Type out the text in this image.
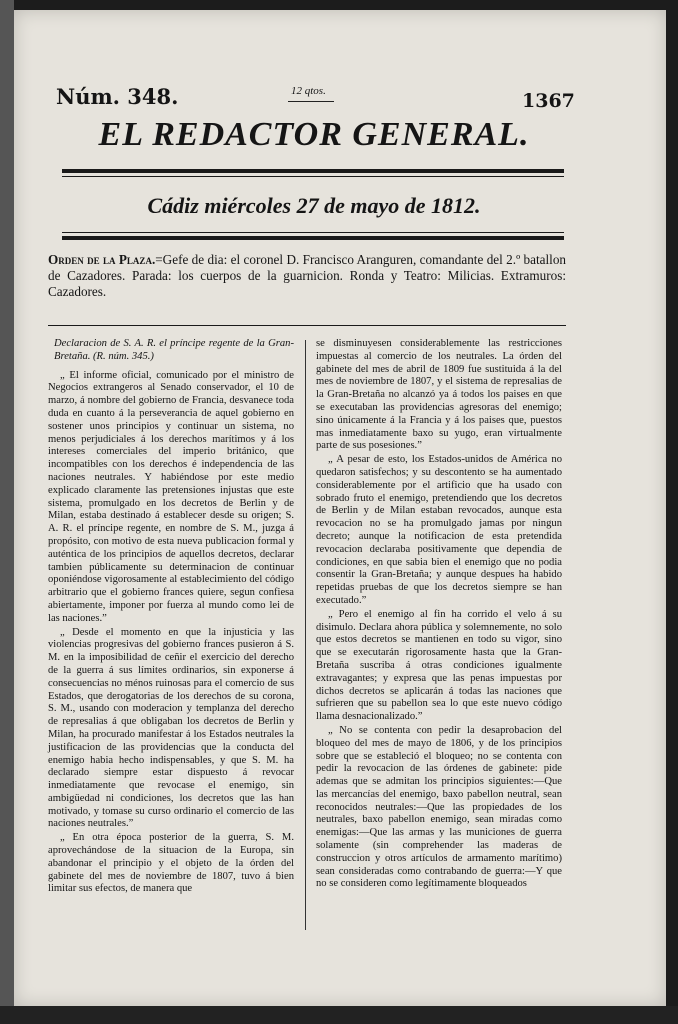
Núm. 348.	12 qtos.	1367
EL REDACTOR GENERAL.
Cádiz miércoles 27 de mayo de 1812.
Orden de la Plaza.=Gefe de dia: el coronel D. Francisco Aranguren, comandante del 2.º batallon de Cazadores. Parada: los cuerpos de la guarnicion. Ronda y Teatro: Milicias. Extramuros: Cazadores.

Declaracion de S. A. R. el príncipe regente de la Gran-Bretaña. (R. núm. 345.)

„ El informe oficial, comunicado por el ministro de Negocios extrangeros al Senado conservador, el 10 de marzo, á nombre del gobierno de Francia, desvanece toda duda en cuanto á la perseverancia de aquel gobierno en sostener unos principios y continuar un sistema, no menos perjudiciales á los derechos marítimos y á los intereses comerciales del imperio británico, que incompatibles con los derechos é independencia de las naciones neutrales. Y habiéndose por este medio explicado claramente las pretensiones injustas que este sistema, promulgado en los decretos de Berlin y de Milan, estaba destinado á establecer desde su origen; S. A. R. el príncipe regente, en nombre de S. M., juzga á propósito, con motivo de esta nueva publicacion formal y auténtica de los principios de aquellos decretos, declarar tambien públicamente su determinacion de continuar oponiéndose vigorosamente al establecimiento del código arbitrario que el gobierno frances quiere, segun confiesa abiertamente, imponer por fuerza al mundo como lei de las naciones.”

„ Desde el momento en que la injusticia y las violencias progresivas del gobierno frances pusieron á S. M. en la imposibilidad de ceñir el exercicio del derecho de la guerra á sus límites ordinarios, sin exponerse á consecuencias no ménos ruinosas para el comercio de sus Estados, que derogatorias de los derechos de su corona, S. M., usando con moderacion y templanza del derecho de represalias á que obligaban los decretos de Berlin y Milan, ha procurado manifestar á los Estados neutrales la justificacion de las providencias que la conducta del enemigo habia hecho indispensables, y que S. M. ha declarado siempre estar dispuesto á revocar inmediatamente que revocase el enemigo, sin ambigüedad ni condiciones, los decretos que las han motivado, y tomase su curso ordinario el comercio de las naciones neutrales.”

„ En otra época posterior de la guerra, S. M. aprovechándose de la situacion de la Europa, sin abandonar el principio y el objeto de la órden del gabinete del mes de noviembre de 1807, tuvo á bien limitar sus efectos, de manera que

se disminuyesen considerablemente las restricciones impuestas al comercio de los neutrales. La órden del gabinete del mes de abril de 1809 fue sustituida á la del mes de noviembre de 1807, y el sistema de represalias de la Gran-Bretaña no alcanzó ya á todos los paises en que se executaban las providencias agresoras del enemigo; sino únicamente á la Francia y á los paises que, puestos mas inmediatamente baxo su yugo, eran virtualmente parte de sus posesiones.”

„ A pesar de esto, los Estados-unidos de América no quedaron satisfechos; y su descontento se ha aumentado considerablemente por el artificio que ha usado con sobrado fruto el enemigo, pretendiendo que los decretos de Berlin y de Milan estaban revocados, aunque esta revocacion no se ha promulgado jamas por ningun decreto; aunque la notificacion de esta pretendida revocacion declaraba positivamente que dependia de condiciones, en que sabia bien el enemigo que no podia consentir la Gran-Bretaña; y aunque despues ha habido repetidas pruebas de que los decretos siempre se han executado.”

„ Pero el enemigo al fin ha corrido el velo á su disimulo. Declara ahora pública y solemnemente, no solo que estos decretos se mantienen en todo su vigor, sino que se executarán rigorosamente hasta que la Gran-Bretaña suscriba á otras condiciones igualmente extravagantes; y expresa que las penas impuestas por dichos decretos se aplicarán á todas las naciones que sufrieren que su pabellon sea lo que este nuevo código llama desnacionalizado.”

„ No se contenta con pedir la desaprobacion del bloqueo del mes de mayo de 1806, y de los principios sobre que se estableció el bloqueo; no se contenta con pedir la revocacion de las órdenes de gabinete: pide ademas que se admitan los principios siguientes:—Que las mercancías del enemigo, baxo pabellon neutral, sean reconocidos neutrales:—Que las propiedades de los neutrales, baxo pabellon enemigo, sean miradas como enemigas:—Que las armas y las municiones de guerra solamente (sin comprehender las maderas de construccion y otros artículos de armamento marítimo) sean consideradas como contrabando de guerra:—Y que no se consideren como legítimamente bloqueados
